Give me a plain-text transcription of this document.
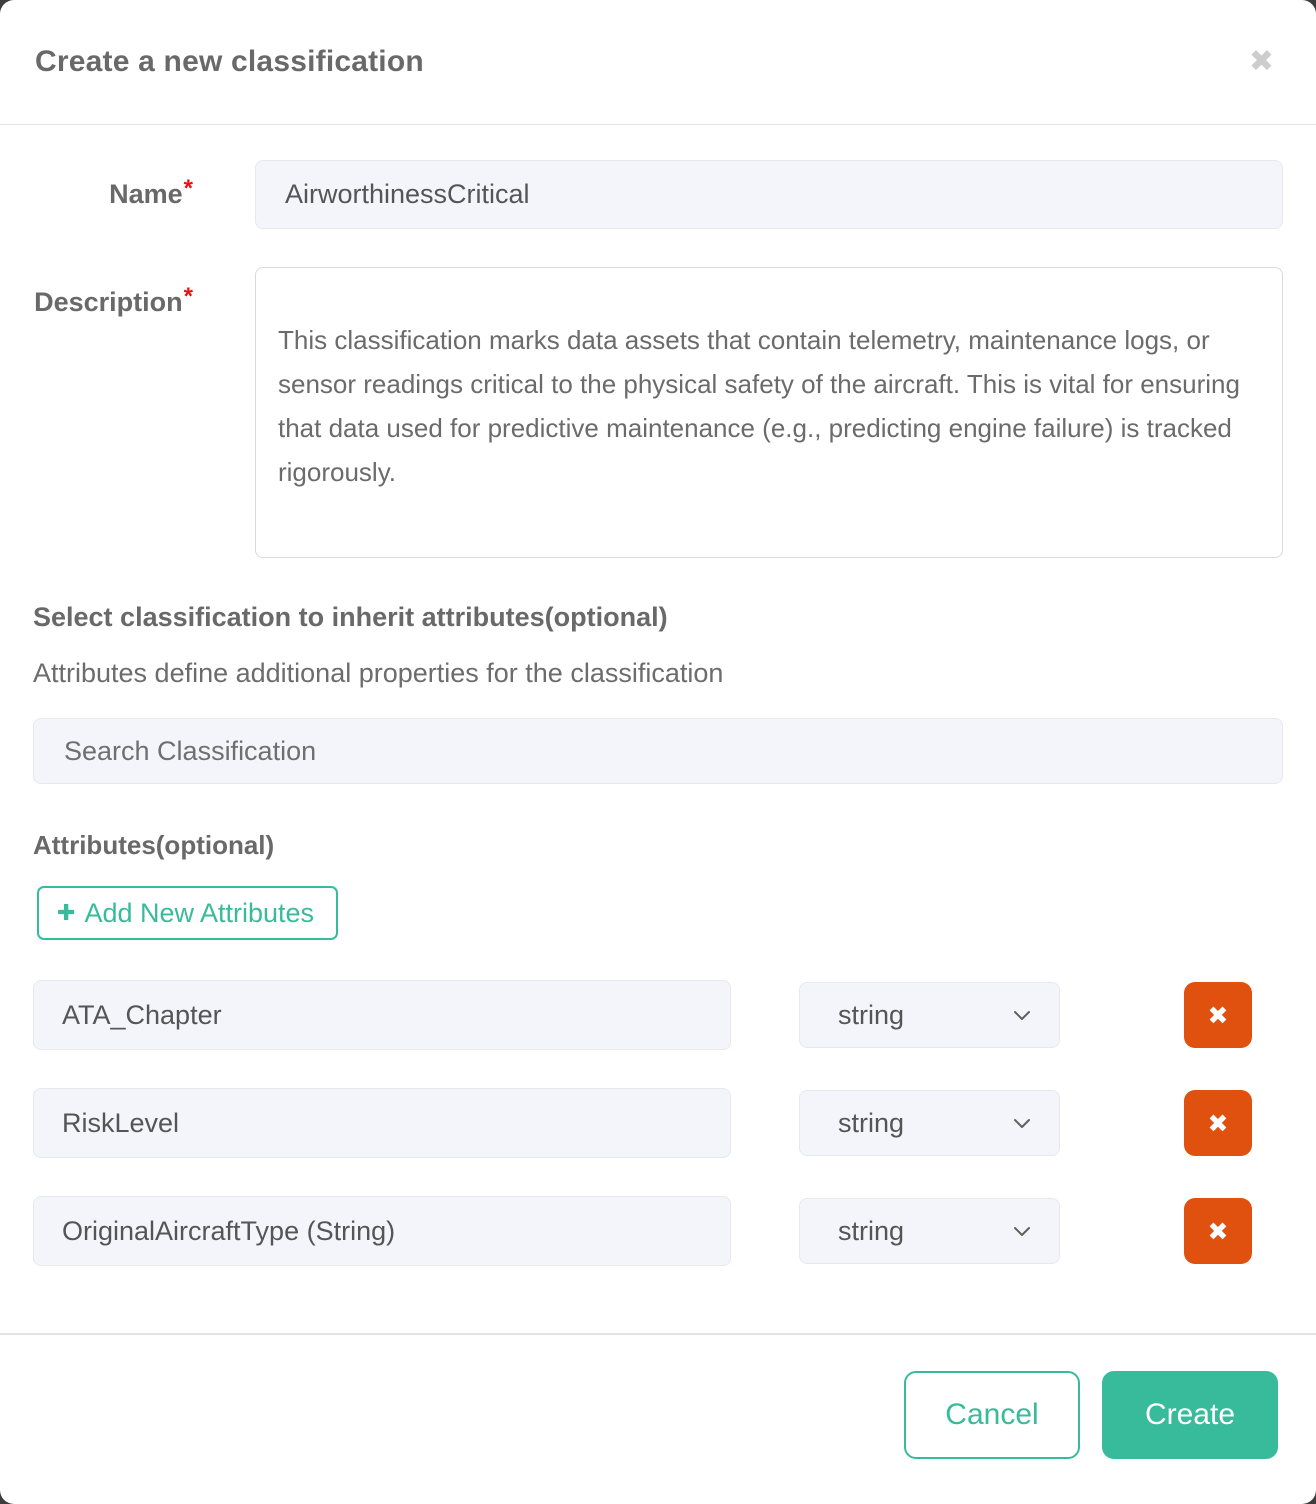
Create a new classification	✖
Name*
AirworthinessCritical
Description*
This classification marks data assets that contain telemetry, maintenance logs, or sensor readings critical to the physical safety of the aircraft. This is vital for ensuring that data used for predictive maintenance (e.g., predicting engine failure) is tracked rigorously.
Select classification to inherit attributes(optional)
Attributes define additional properties for the classification
Search Classification
Attributes(optional)
✚ Add New Attributes
ATA_Chapter
string	✖
RiskLevel
string	✖
OriginalAircraftType (String)
string	✖
Cancel	Create
